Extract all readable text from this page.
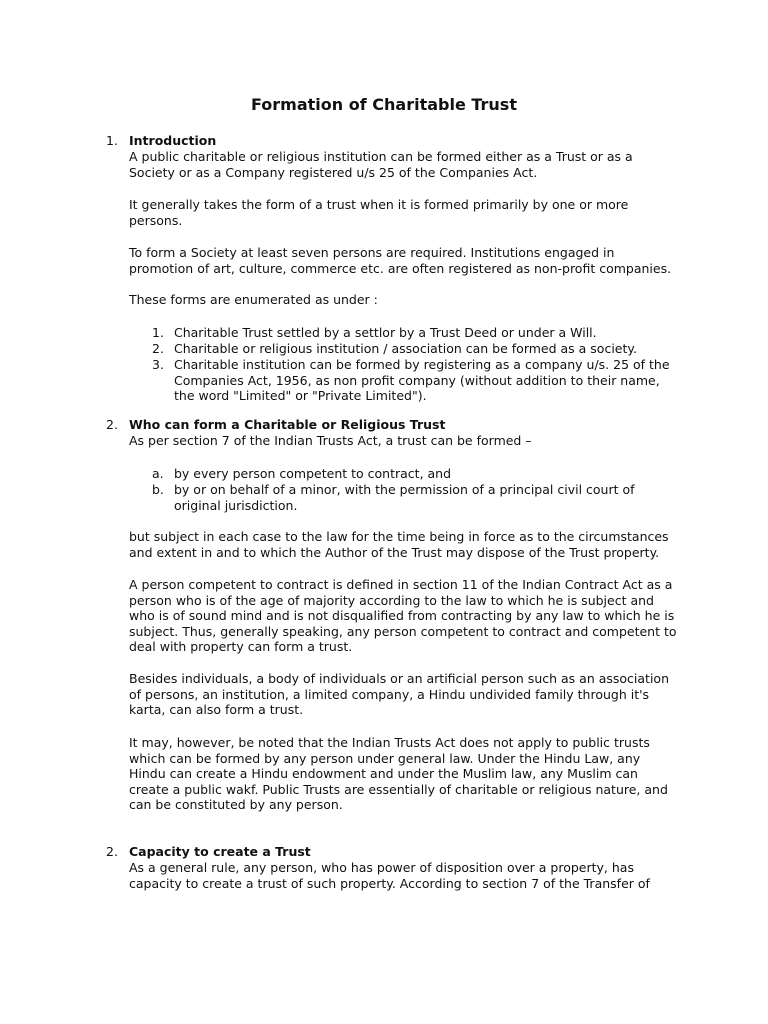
Formation of Charitable Trust
1. Introduction

A public charitable or religious institution can be formed either as a Trust or as a
Society or as a Company registered u/s 25 of the Companies Act.

It generally takes the form of a trust when it is formed primarily by one or more
persons.

To form a Society at least seven persons are required. Institutions engaged in
promotion of art, culture, commerce etc. are often registered as non-profit companies.

These forms are enumerated as under :

1. Charitable Trust settled by a settlor by a Trust Deed or under a Will.

2. Charitable or religious institution / association can be formed as a society.

3. Charitable institution can be formed by registering as a company u/s. 25 of the
Companies Act, 1956, as non profit company (without addition to their name,
the word "Limited" or "Private Limited").

2. Who can form a Charitable or Religious Trust

As per section 7 of the Indian Trusts Act, a trust can be formed –

a. by every person competent to contract, and

b. by or on behalf of a minor, with the permission of a principal civil court of
original jurisdiction.

but subject in each case to the law for the time being in force as to the circumstances
and extent in and to which the Author of the Trust may dispose of the Trust property.

A person competent to contract is defined in section 11 of the Indian Contract Act as a
person who is of the age of majority according to the law to which he is subject and
who is of sound mind and is not disqualified from contracting by any law to which he is
subject. Thus, generally speaking, any person competent to contract and competent to
deal with property can form a trust.

Besides individuals, a body of individuals or an artificial person such as an association
of persons, an institution, a limited company, a Hindu undivided family through it's
karta, can also form a trust.

It may, however, be noted that the Indian Trusts Act does not apply to public trusts
which can be formed by any person under general law. Under the Hindu Law, any
Hindu can create a Hindu endowment and under the Muslim law, any Muslim can
create a public wakf. Public Trusts are essentially of charitable or religious nature, and
can be constituted by any person.

2. Capacity to create a Trust

As a general rule, any person, who has power of disposition over a property, has
capacity to create a trust of such property. According to section 7 of the Transfer of
